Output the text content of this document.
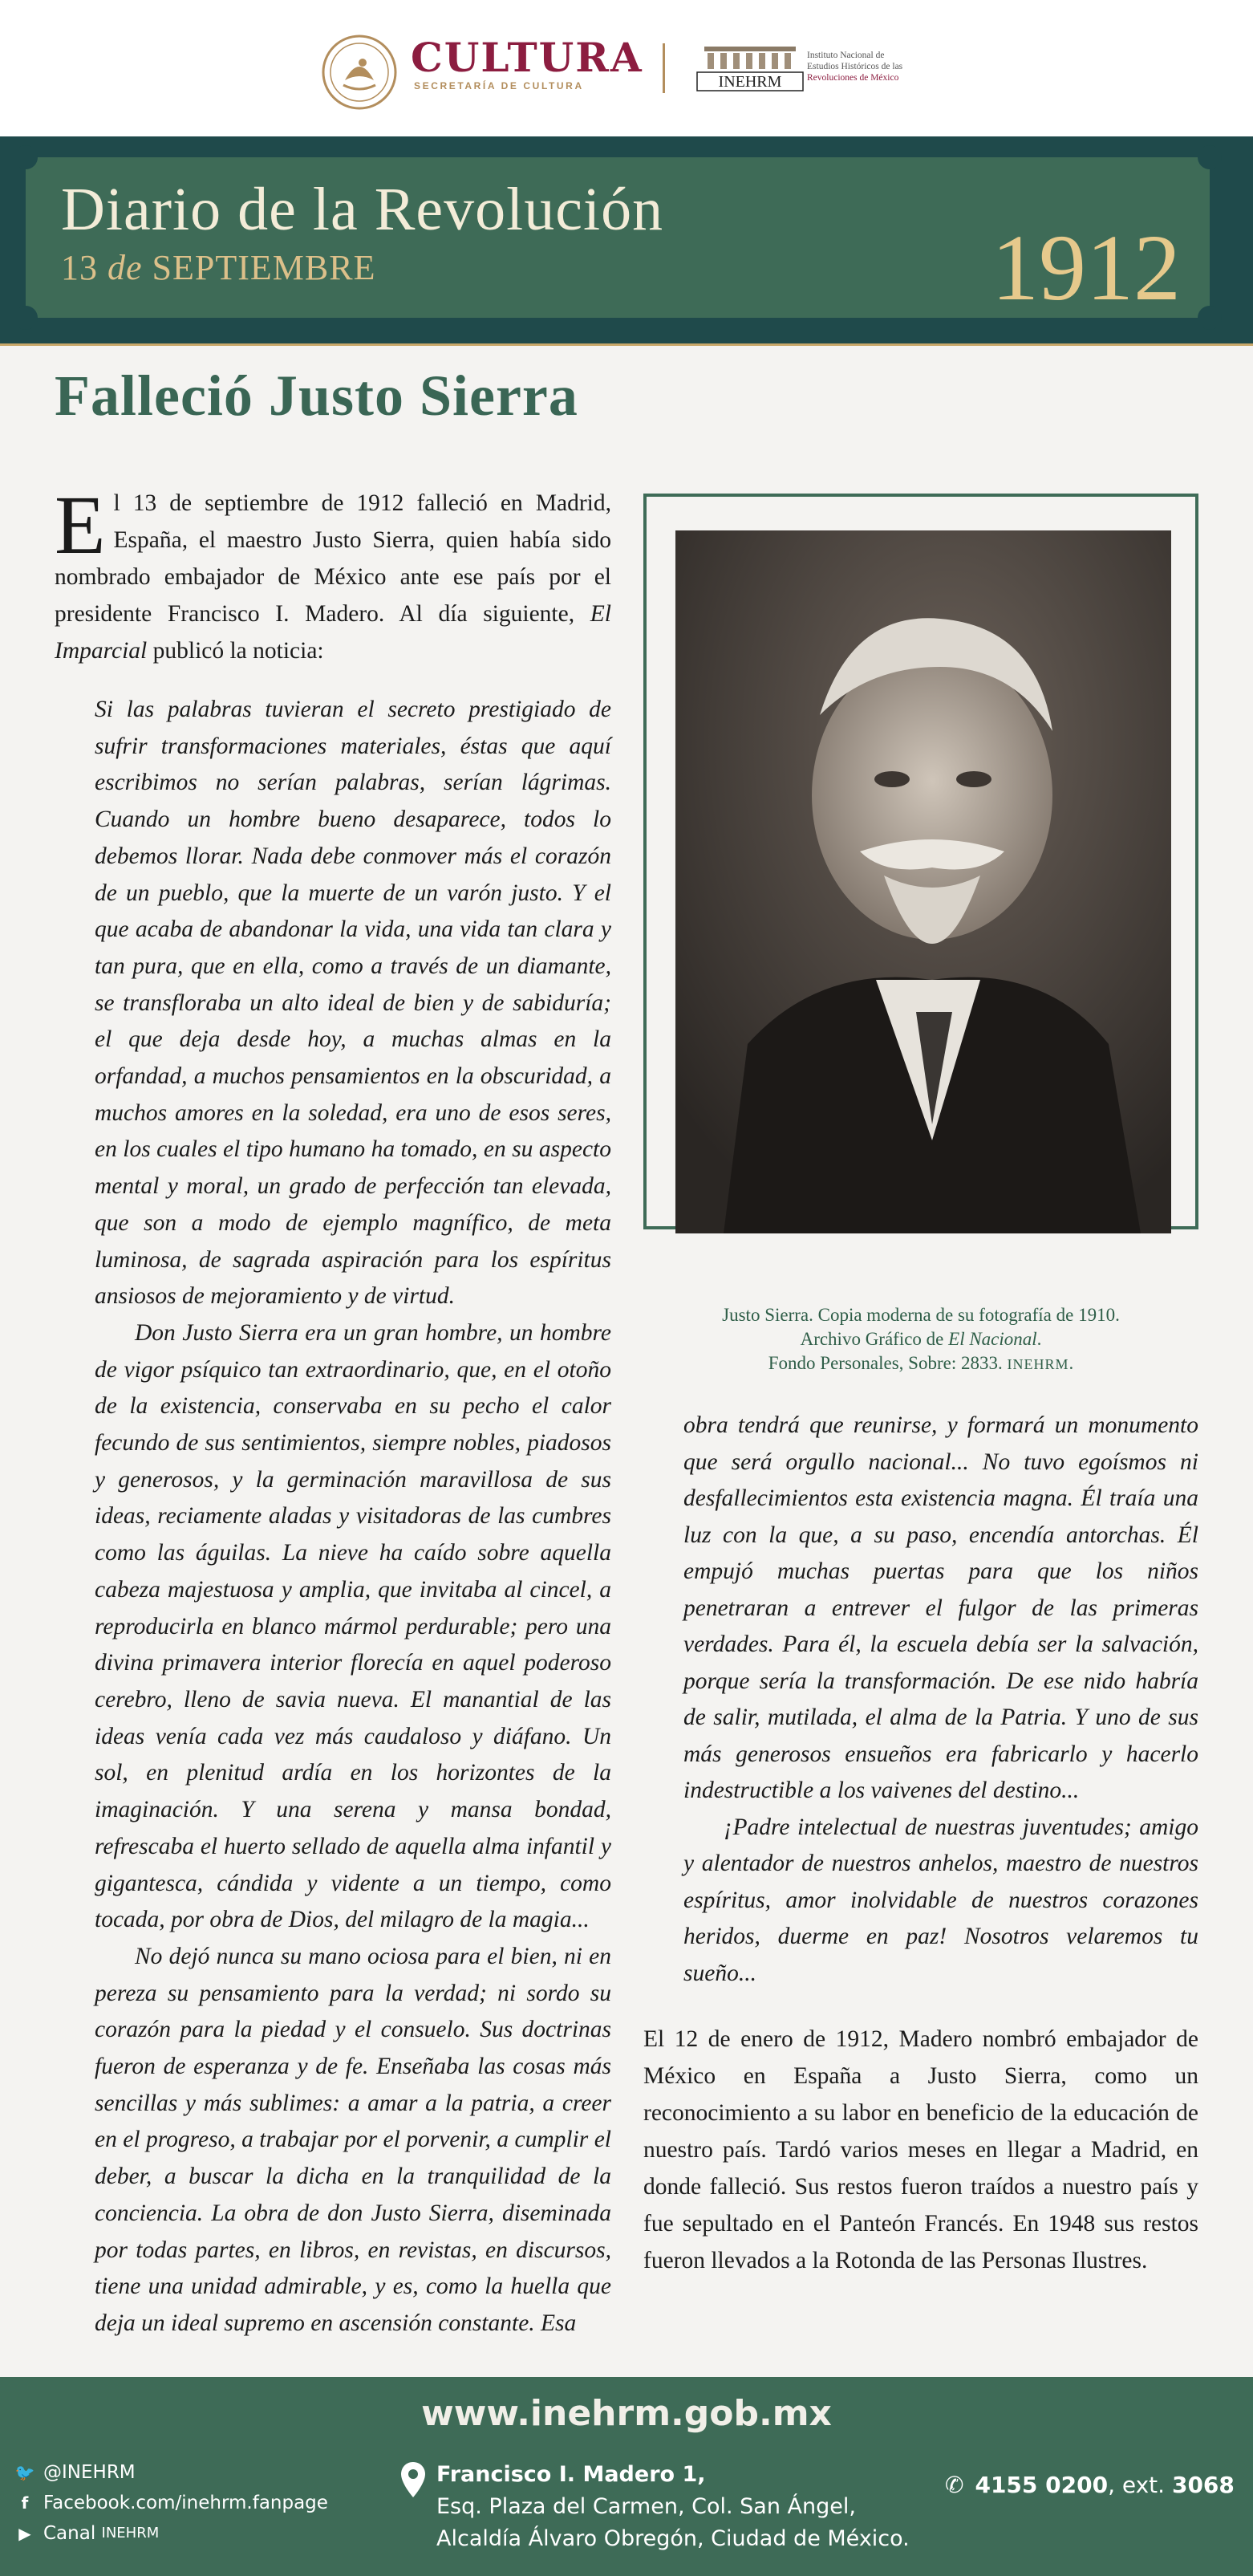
CULTURA
SECRETARÍA DE CULTURA	INEHRM
Instituto Nacional de
Estudios Históricos de las
Revoluciones de México
Diario de la Revolución
13 de SEPTIEMBRE	1912
Falleció Justo Sierra

El 13 de septiembre de 1912 falleció en Madrid, España, el maestro Justo Sierra, quien había sido nombrado embajador de México ante ese país por el presidente Francisco I. Madero. Al día siguiente, El Imparcial publicó la noticia:

Si las palabras tuvieran el secreto prestigiado de sufrir transformaciones materiales, éstas que aquí escribimos no serían palabras, serían lágrimas. Cuando un hombre bueno desaparece, todos lo debemos llorar. Nada debe conmover más el corazón de un pueblo, que la muerte de un varón justo. Y el que acaba de abandonar la vida, una vida tan clara y tan pura, que en ella, como a través de un diamante, se transfloraba un alto ideal de bien y de sabiduría; el que deja desde hoy, a muchas almas en la orfandad, a muchos pensamientos en la obscuridad, a muchos amores en la soledad, era uno de esos seres, en los cuales el tipo humano ha tomado, en su aspecto mental y moral, un grado de perfección tan elevada, que son a modo de ejemplo magnífico, de meta luminosa, de sagrada aspiración para los espíritus ansiosos de mejoramiento y de virtud.

Don Justo Sierra era un gran hombre, un hombre de vigor psíquico tan extraordinario, que, en el otoño de la existencia, conservaba en su pecho el calor fecundo de sus sentimientos, siempre nobles, piadosos y generosos, y la germinación maravillosa de sus ideas, reciamente aladas y visitadoras de las cumbres como las águilas. La nieve ha caído sobre aquella cabeza majestuosa y amplia, que invitaba al cincel, a reproducirla en blanco mármol perdurable; pero una divina primavera interior florecía en aquel poderoso cerebro, lleno de savia nueva. El manantial de las ideas venía cada vez más caudaloso y diáfano. Un sol, en plenitud ardía en los horizontes de la imaginación. Y una serena y mansa bondad, refrescaba el huerto sellado de aquella alma infantil y gigantesca, cándida y vidente a un tiempo, como tocada, por obra de Dios, del milagro de la magia...

No dejó nunca su mano ociosa para el bien, ni en pereza su pensamiento para la verdad; ni sordo su corazón para la piedad y el consuelo. Sus doctrinas fueron de esperanza y de fe. Enseñaba las cosas más sencillas y más sublimes: a amar a la patria, a creer en el progreso, a trabajar por el porvenir, a cumplir el deber, a buscar la dicha en la tranquilidad de la conciencia. La obra de don Justo Sierra, diseminada por todas partes, en libros, en revistas, en discursos, tiene una unidad admirable, y es, como la huella que deja un ideal supremo en ascensión constante. Esa

Justo Sierra. Copia moderna de su fotografía de 1910.
Archivo Gráfico de El Nacional.
Fondo Personales, Sobre: 2833. INEHRM.

obra tendrá que reunirse, y formará un monumento que será orgullo nacional... No tuvo egoísmos ni desfallecimientos esta existencia magna. Él traía una luz con la que, a su paso, encendía antorchas. Él empujó muchas puertas para que los niños penetraran a entrever el fulgor de las primeras verdades. Para él, la escuela debía ser la salvación, porque sería la transformación. De ese nido habría de salir, mutilada, el alma de la Patria. Y uno de sus más generosos ensueños era fabricarlo y hacerlo indestructible a los vaivenes del destino...

¡Padre intelectual de nuestras juventudes; amigo y alentador de nuestros anhelos, maestro de nuestros espíritus, amor inolvidable de nuestros corazones heridos, duerme en paz! Nosotros velaremos tu sueño...

El 12 de enero de 1912, Madero nombró embajador de México en España a Justo Sierra, como un reconocimiento a su labor en beneficio de la educación de nuestro país. Tardó varios meses en llegar a Madrid, en donde falleció. Sus restos fueron traídos a nuestro país y fue sepultado en el Panteón Francés. En 1948 sus restos fueron llevados a la Rotonda de las Personas Ilustres.

www.inehrm.gob.mx
🐦 @INEHRM
f Facebook.com/inehrm.fanpage
▶ Canal
INEHRM
Francisco I. Madero 1,
Esq. Plaza del Carmen, Col. San Ángel,
Alcaldía Álvaro Obregón, Ciudad de México.
✆ 4155 0200, ext. 3068
